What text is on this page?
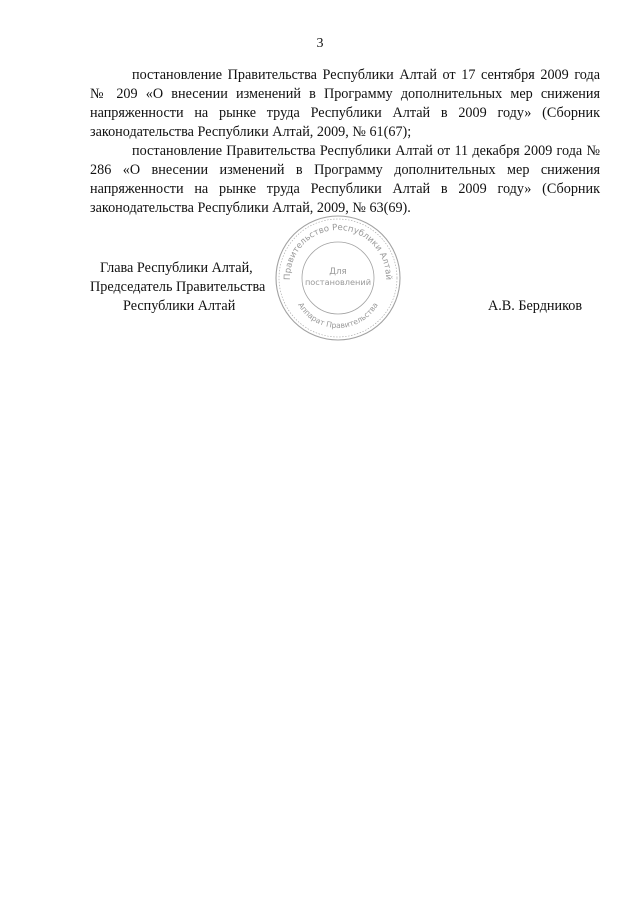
3

постановление Правительства Республики Алтай от 17 сентября 2009 года № 209 «О внесении изменений в Программу дополнительных мер снижения напряженности на рынке труда Республики Алтай в 2009 году» (Сборник законодательства Республики Алтай, 2009, № 61(67);

постановление Правительства Республики Алтай от 11 декабря 2009 года № 286 «О внесении изменений в Программу дополнительных мер снижения напряженности на рынке труда Республики Алтай в 2009 году» (Сборник законодательства Республики Алтай, 2009, № 63(69).

Глава Республики Алтай,
Председатель Правительства
Республики Алтай	А.В. Бердников
Правительство Республики Алтай
Аппарат Правительства
Для
постановлений
